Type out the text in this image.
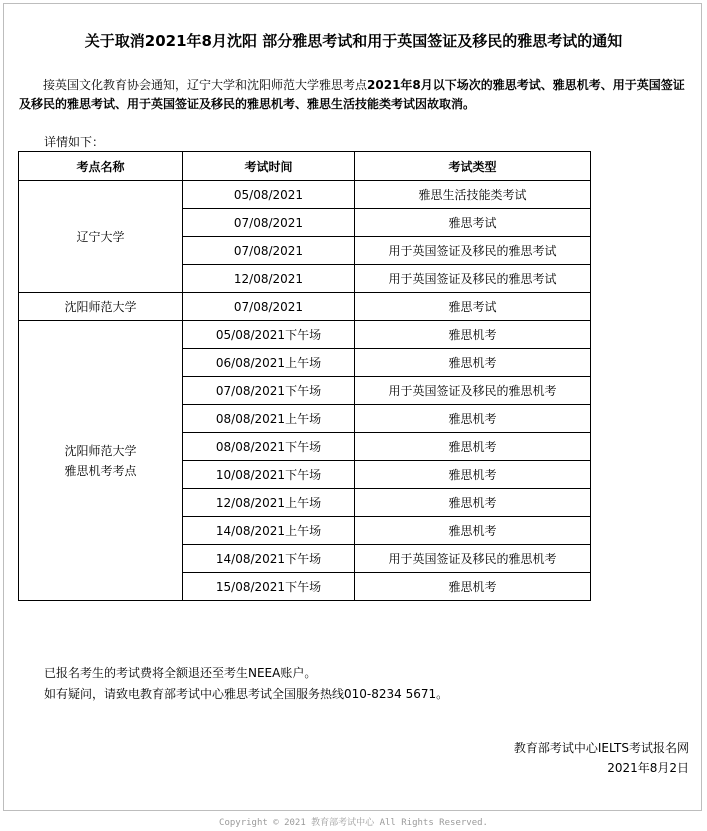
关于取消2021年8月沈阳 部分雅思考试和用于英国签证及移民的雅思考试的通知
接英国文化教育协会通知，辽宁大学和沈阳师范大学雅思考点2021年8月以下场次的雅思考试、雅思机考、用于英国签证及移民的雅思考试、用于英国签证及移民的雅思机考、雅思生活技能类考试因故取消。
详情如下：
考点名称	考试时间	考试类型
辽宁大学	05/08/2021	雅思生活技能类考试
	07/08/2021	雅思考试
	07/08/2021	用于英国签证及移民的雅思考试
	12/08/2021	用于英国签证及移民的雅思考试
沈阳师范大学	07/08/2021	雅思考试
沈阳师范大学
雅思机考考点	05/08/2021下午场	雅思机考
	06/08/2021上午场	雅思机考
	07/08/2021下午场	用于英国签证及移民的雅思机考
	08/08/2021上午场	雅思机考
	08/08/2021下午场	雅思机考
	10/08/2021下午场	雅思机考
	12/08/2021上午场	雅思机考
	14/08/2021上午场	雅思机考
	14/08/2021下午场	用于英国签证及移民的雅思机考
	15/08/2021下午场	雅思机考
已报名考生的考试费将全额退还至考生NEEA账户。
如有疑问，请致电教育部考试中心雅思考试全国服务热线010-8234 5671。
教育部考试中心IELTS考试报名网
2021年8月2日
Copyright © 2021 教育部考试中心 All Rights Reserved.
